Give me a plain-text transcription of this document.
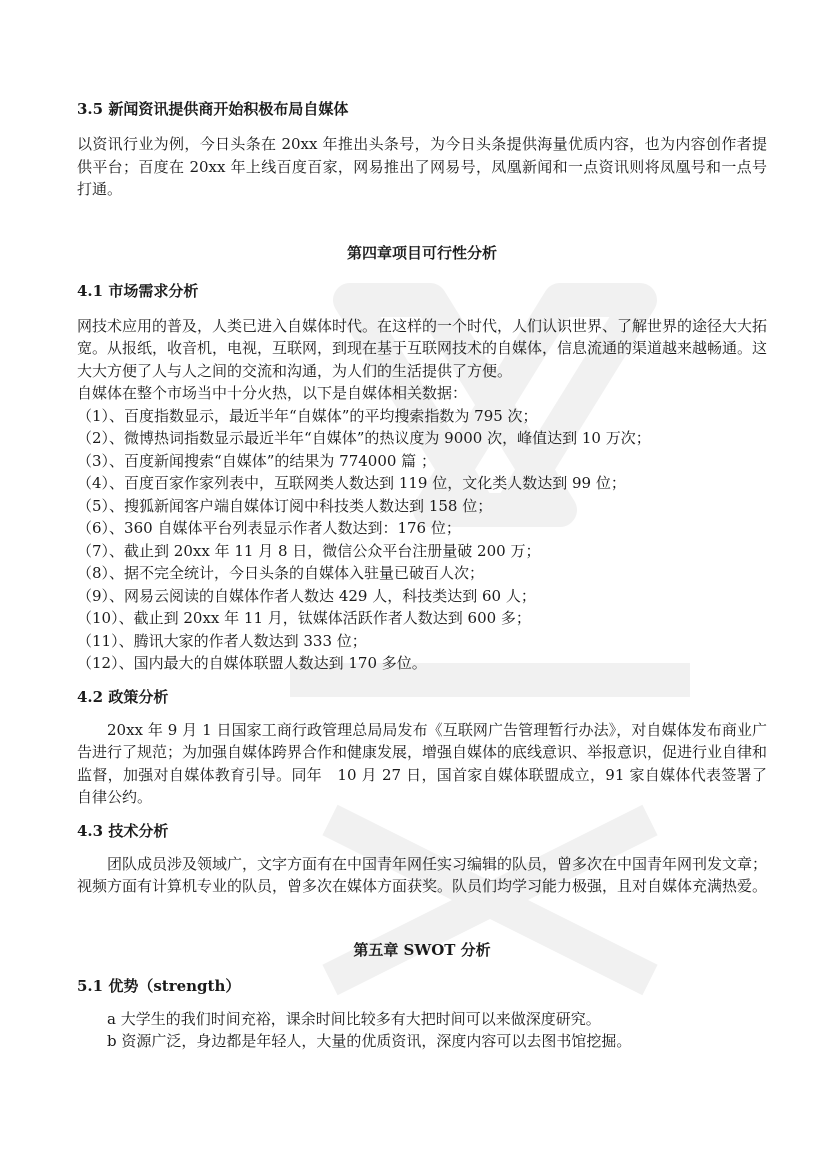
3.5 新闻资讯提供商开始积极布局自媒体
以资讯行业为例，今日头条在 20xx 年推出头条号，为今日头条提供海量优质内容，也为内容创作者提供平台；百度在 20xx 年上线百度百家，网易推出了网易号，凤凰新闻和一点资讯则将凤凰号和一点号打通。
第四章项目可行性分析
4.1 市场需求分析
网技术应用的普及，人类已进入自媒体时代。在这样的一个时代，人们认识世界、了解世界的途径大大拓宽。从报纸，收音机，电视，互联网，到现在基于互联网技术的自媒体，信息流通的渠道越来越畅通。这大大方便了人与人之间的交流和沟通，为人们的生活提供了方便。
自媒体在整个市场当中十分火热，以下是自媒体相关数据：
（1）、百度指数显示，最近半年“自媒体”的平均搜索指数为 795 次；
（2）、微博热词指数显示最近半年“自媒体”的热议度为 9000 次，峰值达到 10 万次；
（3）、百度新闻搜索“自媒体”的结果为 774000 篇 ；
（4）、百度百家作家列表中，互联网类人数达到 119 位，文化类人数达到 99 位；
（5）、搜狐新闻客户端自媒体订阅中科技类人数达到 158 位；
（6）、360 自媒体平台列表显示作者人数达到：176 位；
（7）、截止到 20xx 年 11 月 8 日，微信公众平台注册量破 200 万；
（8）、据不完全统计，今日头条的自媒体入驻量已破百人次；
（9）、网易云阅读的自媒体作者人数达 429 人，科技类达到 60 人；
（10）、截止到 20xx 年 11 月，钛媒体活跃作者人数达到 600 多；
（11）、腾讯大家的作者人数达到 333 位；
（12）、国内最大的自媒体联盟人数达到 170 多位。
4.2 政策分析
20xx 年 9 月 1 日国家工商行政管理总局局发布《互联网广告管理暂行办法》，对自媒体发布商业广告进行了规范；为加强自媒体跨界合作和健康发展，增强自媒体的底线意识、举报意识，促进行业自律和监督，加强对自媒体教育引导。同年　10 月 27 日，国首家自媒体联盟成立，91 家自媒体代表签署了自律公约。
4.3 技术分析
团队成员涉及领域广，文字方面有在中国青年网任实习编辑的队员，曾多次在中国青年网刊发文章；视频方面有计算机专业的队员，曾多次在媒体方面获奖。队员们均学习能力极强，且对自媒体充满热爱。
第五章 SWOT 分析
5.1 优势（strength）
a 大学生的我们时间充裕，课余时间比较多有大把时间可以来做深度研究。
b 资源广泛，身边都是年轻人，大量的优质资讯，深度内容可以去图书馆挖掘。
